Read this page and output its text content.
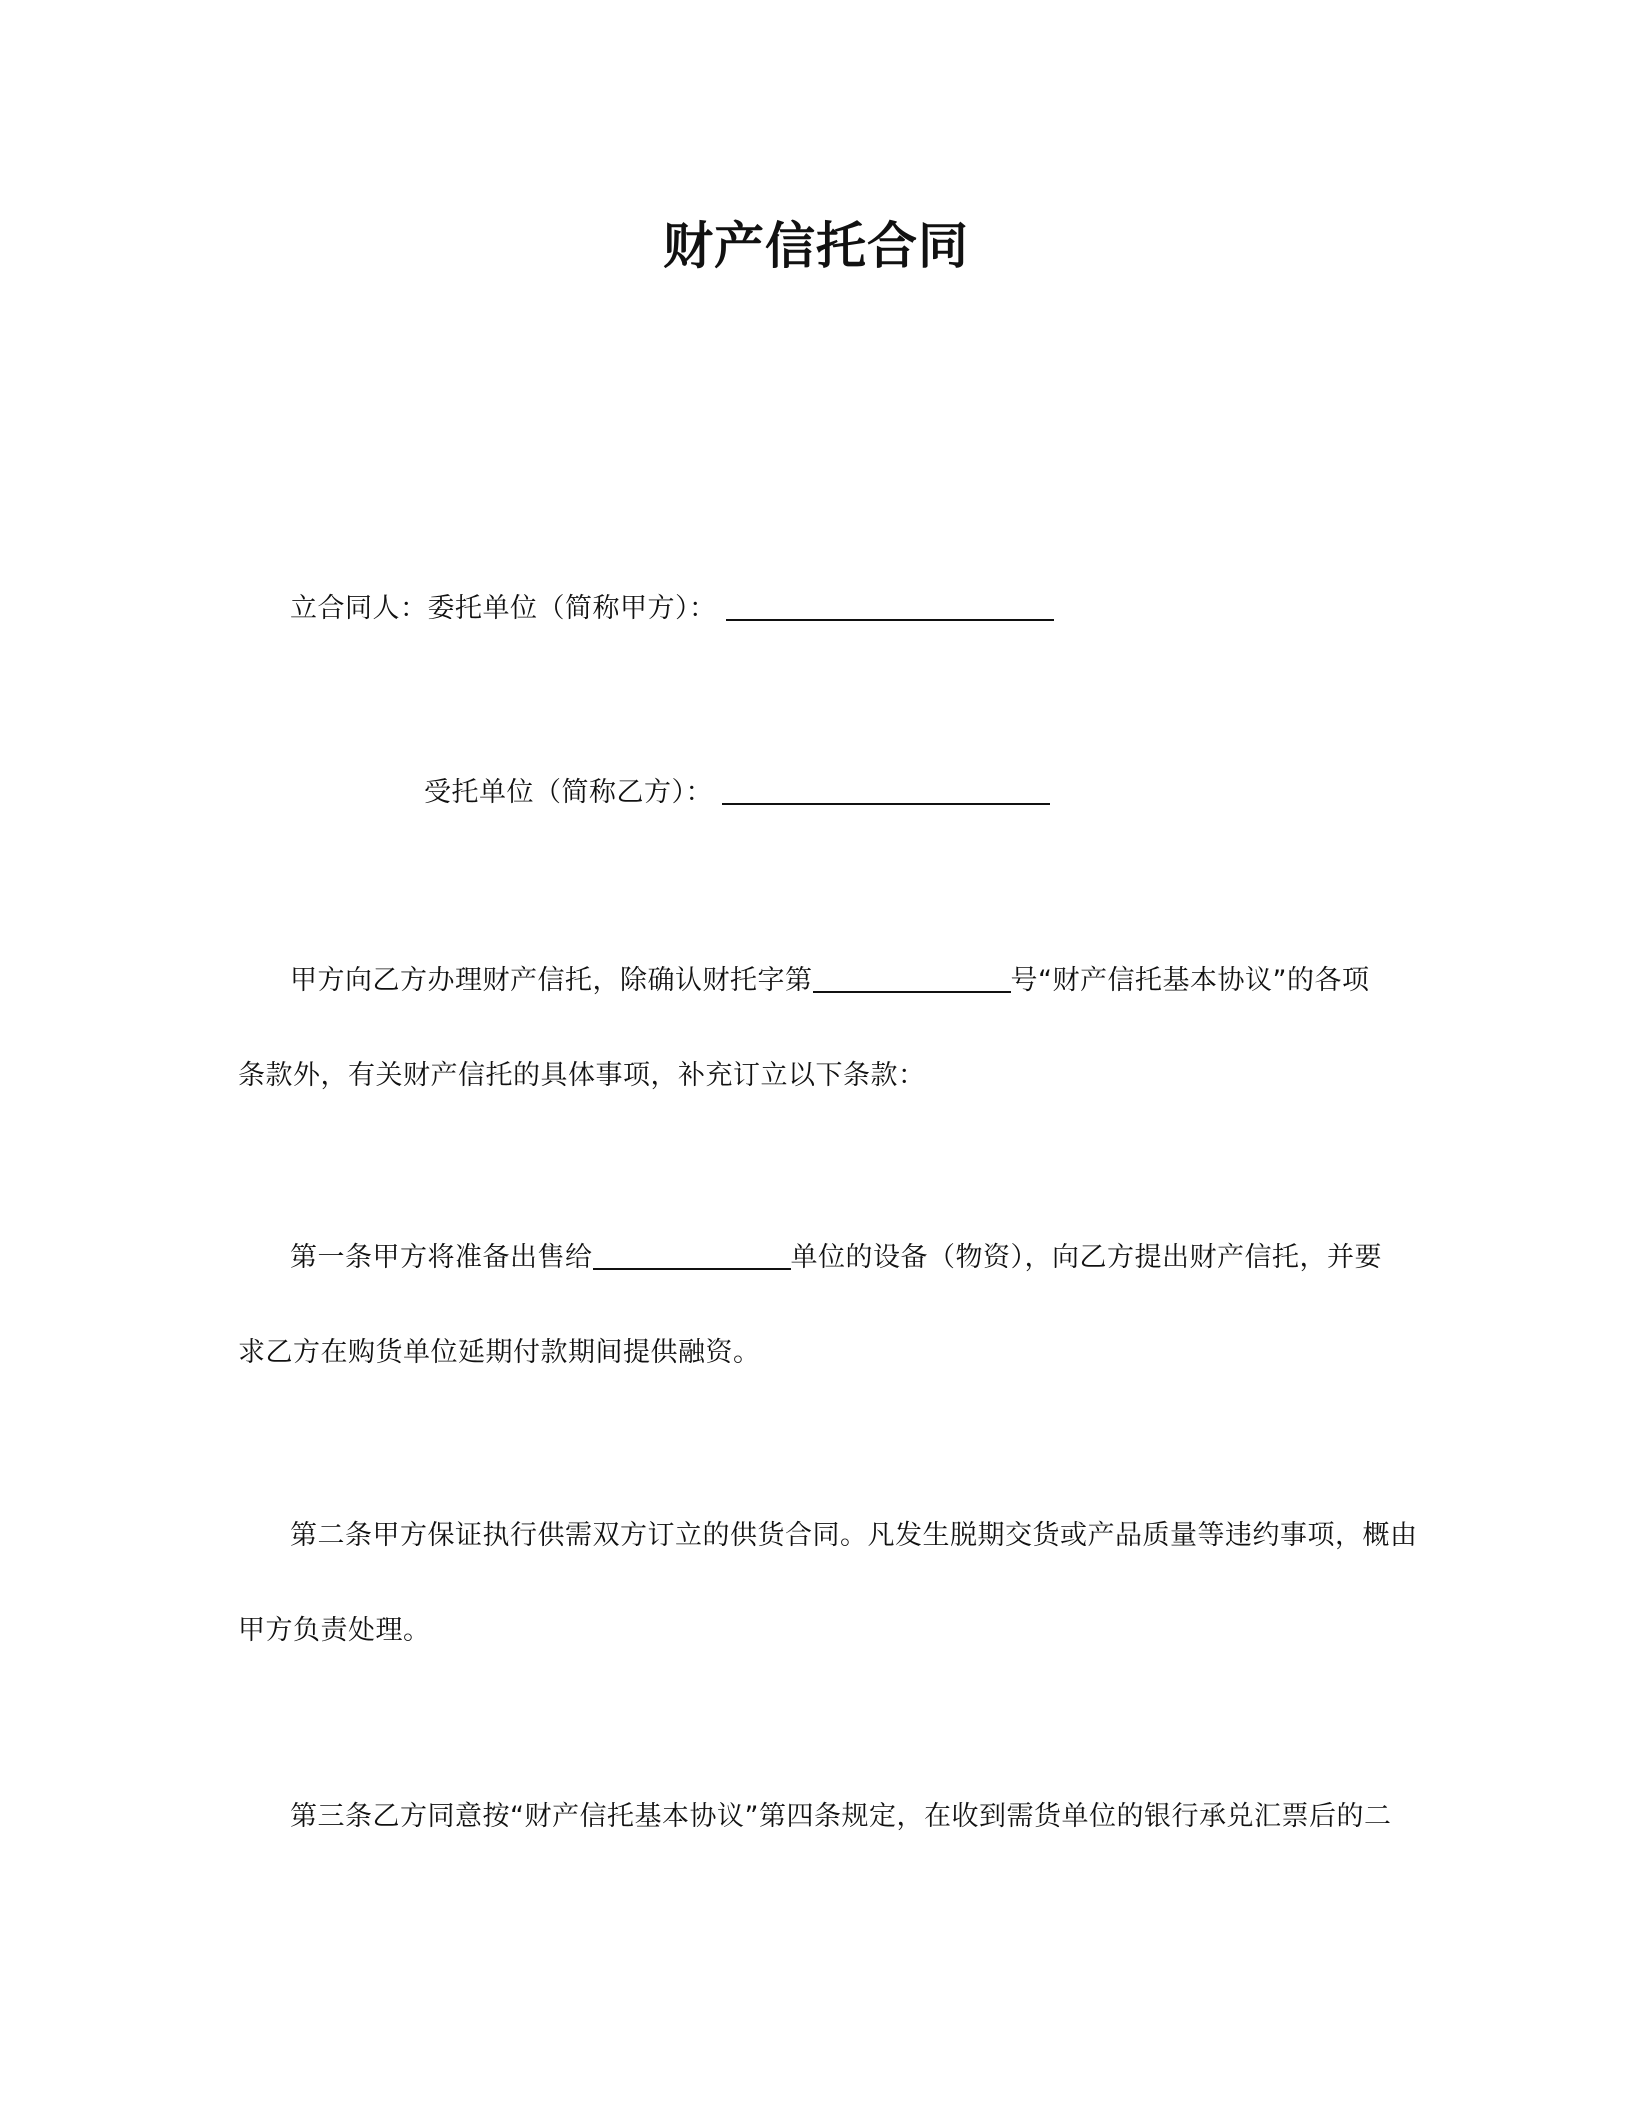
财产信托合同
立合同人：委托单位（简称甲方）：
受托单位（简称乙方）：
甲方向乙方办理财产信托，除确认财托字第	号“财产信托基本协议”的各项
条款外，有关财产信托的具体事项，补充订立以下条款：
第一条甲方将准备出售给	单位的设备（物资），向乙方提出财产信托，并要
求乙方在购货单位延期付款期间提供融资。
第二条甲方保证执行供需双方订立的供货合同。凡发生脱期交货或产品质量等违约事项，概由
甲方负责处理。
第三条乙方同意按“财产信托基本协议”第四条规定，在收到需货单位的银行承兑汇票后的二
